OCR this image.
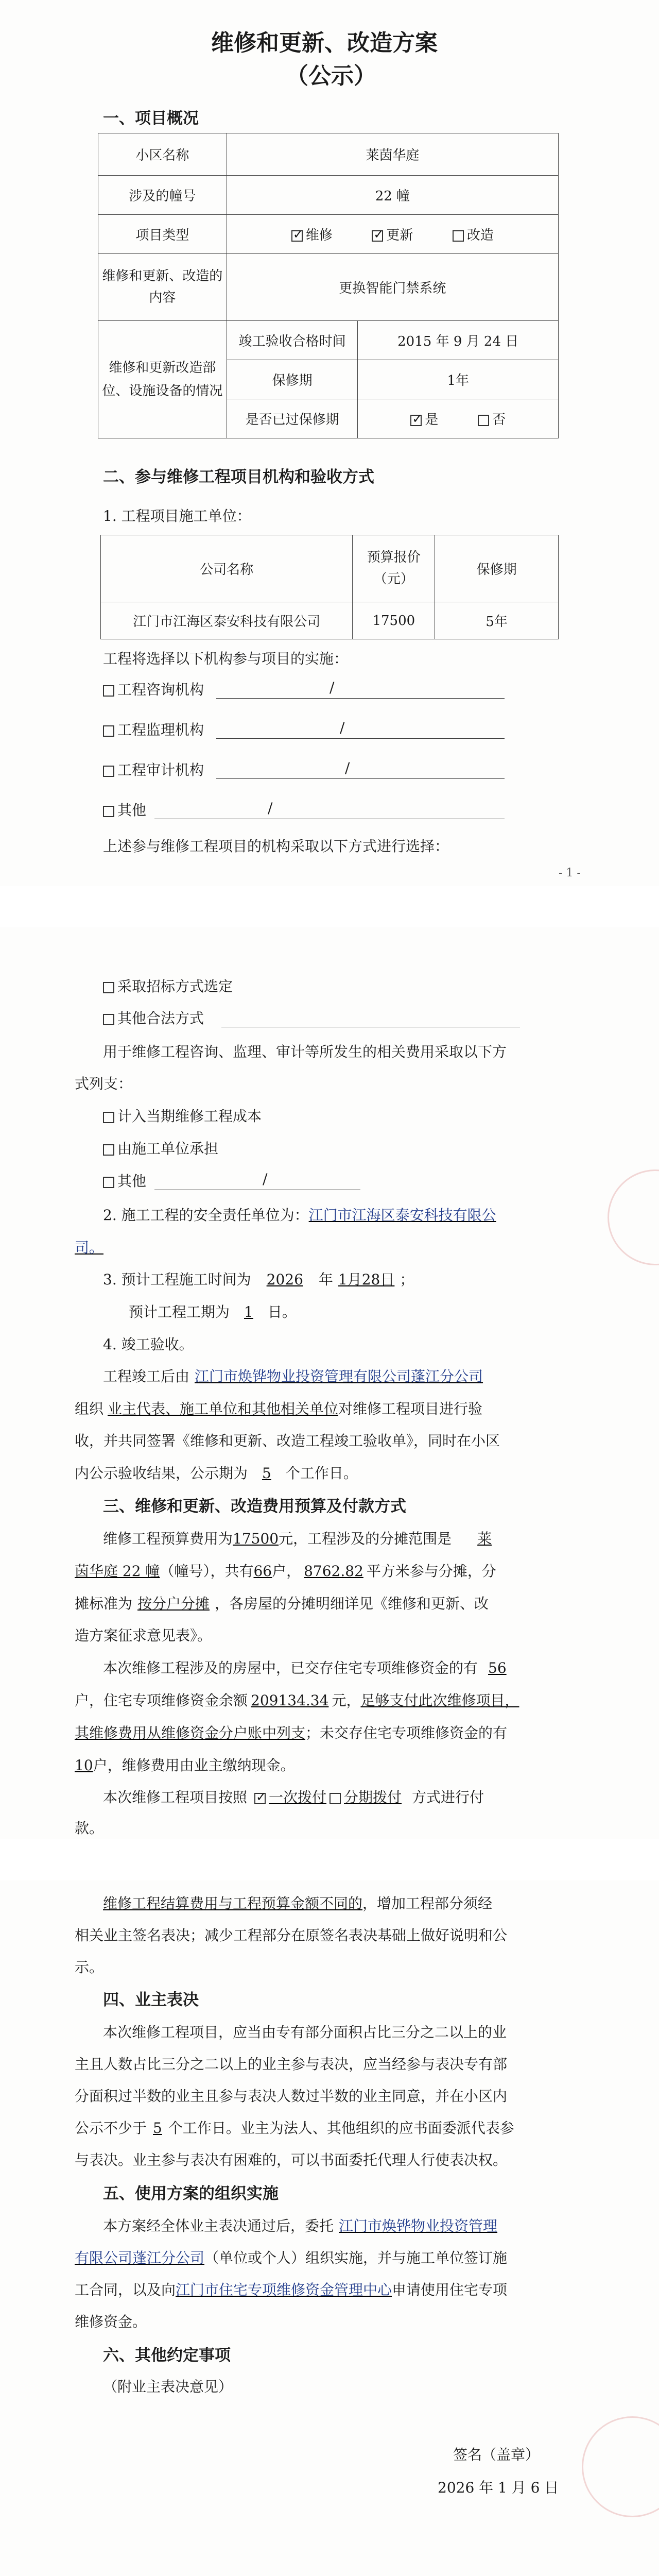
维修和更新、改造方案
（公示）
一、项目概况
小区名称	莱茵华庭	
涉及的幢号	22 幢	
项目类型	✓维修 ✓ 更新 改造
维修和更新、改造的内容	更换智能门禁系统	
维修和更新改造部位、设施设备的情况	竣工验收合格时间	2015 年 9 月 24 日
	保修期	1年
	是否已过保修期	✓是 否
二、参与维修工程项目机构和验收方式
1. 工程项目施工单位：
公司名称	预算报价（元）	保修期
江门市江海区泰安科技有限公司	17500	5年
工程将选择以下机构参与项目的实施：
工程咨询机构	/
工程监理机构	/
工程审计机构	/
其他	/
上述参与维修工程项目的机构采取以下方式进行选择：
- 1 -
采取招标方式选定
其他合法方式
用于维修工程咨询、监理、审计等所发生的相关费用采取以下方
式列支：
计入当期维修工程成本
由施工单位承担
其他	/
2. 施工工程的安全责任单位为：江门市江海区泰安科技有限公
司。
3. 预计工程施工时间为 2026 年 1月28日 ；
预计工程工期为 1 日。
4. 竣工验收。
工程竣工后由 江门市焕铧物业投资管理有限公司蓬江分公司
组织 业主代表、施工单位和其他相关单位对维修工程项目进行验
收，并共同签署《维修和更新、改造工程竣工验收单》，同时在小区
内公示验收结果，公示期为 5 个工作日。
三、维修和更新、改造费用预算及付款方式
维修工程预算费用为17500元，工程涉及的分摊范围是 莱
茵华庭 22 幢（幢号），共有66户， 8762.82 平方米参与分摊，分
摊标准为 按分户分摊 ，各房屋的分摊明细详见《维修和更新、改
造方案征求意见表》。
本次维修工程涉及的房屋中，已交存住宅专项维修资金的有 56
户，住宅专项维修资金余额 209134.34 元，足够支付此次维修项目，
其维修费用从维修资金分户账中列支；未交存住宅专项维修资金的有
10户，维修费用由业主缴纳现金。
本次维修工程项目按照 ✓ 一次拨付 分期拨付 方式进行付
款。
维修工程结算费用与工程预算金额不同的，增加工程部分须经
相关业主签名表决；减少工程部分在原签名表决基础上做好说明和公
示。
四、业主表决
本次维修工程项目，应当由专有部分面积占比三分之二以上的业
主且人数占比三分之二以上的业主参与表决，应当经参与表决专有部
分面积过半数的业主且参与表决人数过半数的业主同意，并在小区内
公示不少于 5 个工作日。业主为法人、其他组织的应书面委派代表参
与表决。业主参与表决有困难的，可以书面委托代理人行使表决权。
五、使用方案的组织实施
本方案经全体业主表决通过后，委托 江门市焕铧物业投资管理
有限公司蓬江分公司（单位或个人）组织实施，并与施工单位签订施
工合同，以及向江门市住宅专项维修资金管理中心申请使用住宅专项
维修资金。
六、其他约定事项
（附业主表决意见）
签名（盖章）
2026 年 1 月 6 日
